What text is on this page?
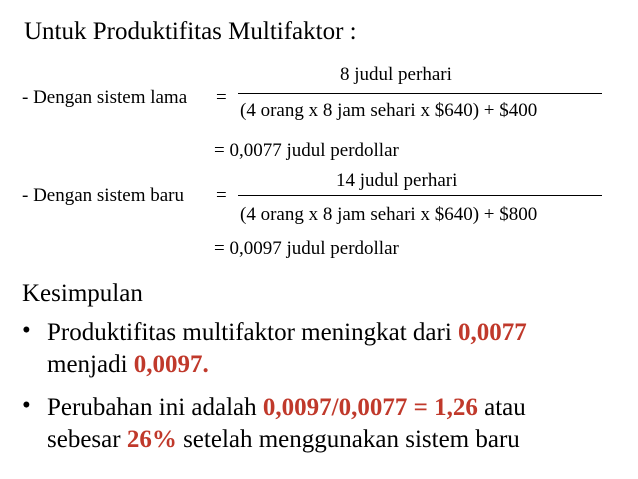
Untuk Produktifitas Multifaktor :
- Dengan sistem lama =
8 judul perhari
(4 orang x 8 jam sehari x $640) + $400
= 0,0077 judul perdollar
- Dengan sistem baru =
14 judul perhari
(4 orang x 8 jam sehari x $640) + $800
= 0,0097 judul perdollar
Kesimpulan
• Produktifitas multifaktor meningkat dari 0,0077
menjadi 0,0097.
• Perubahan ini adalah 0,0097/0,0077 = 1,26 atau
sebesar 26% setelah menggunakan sistem baru
